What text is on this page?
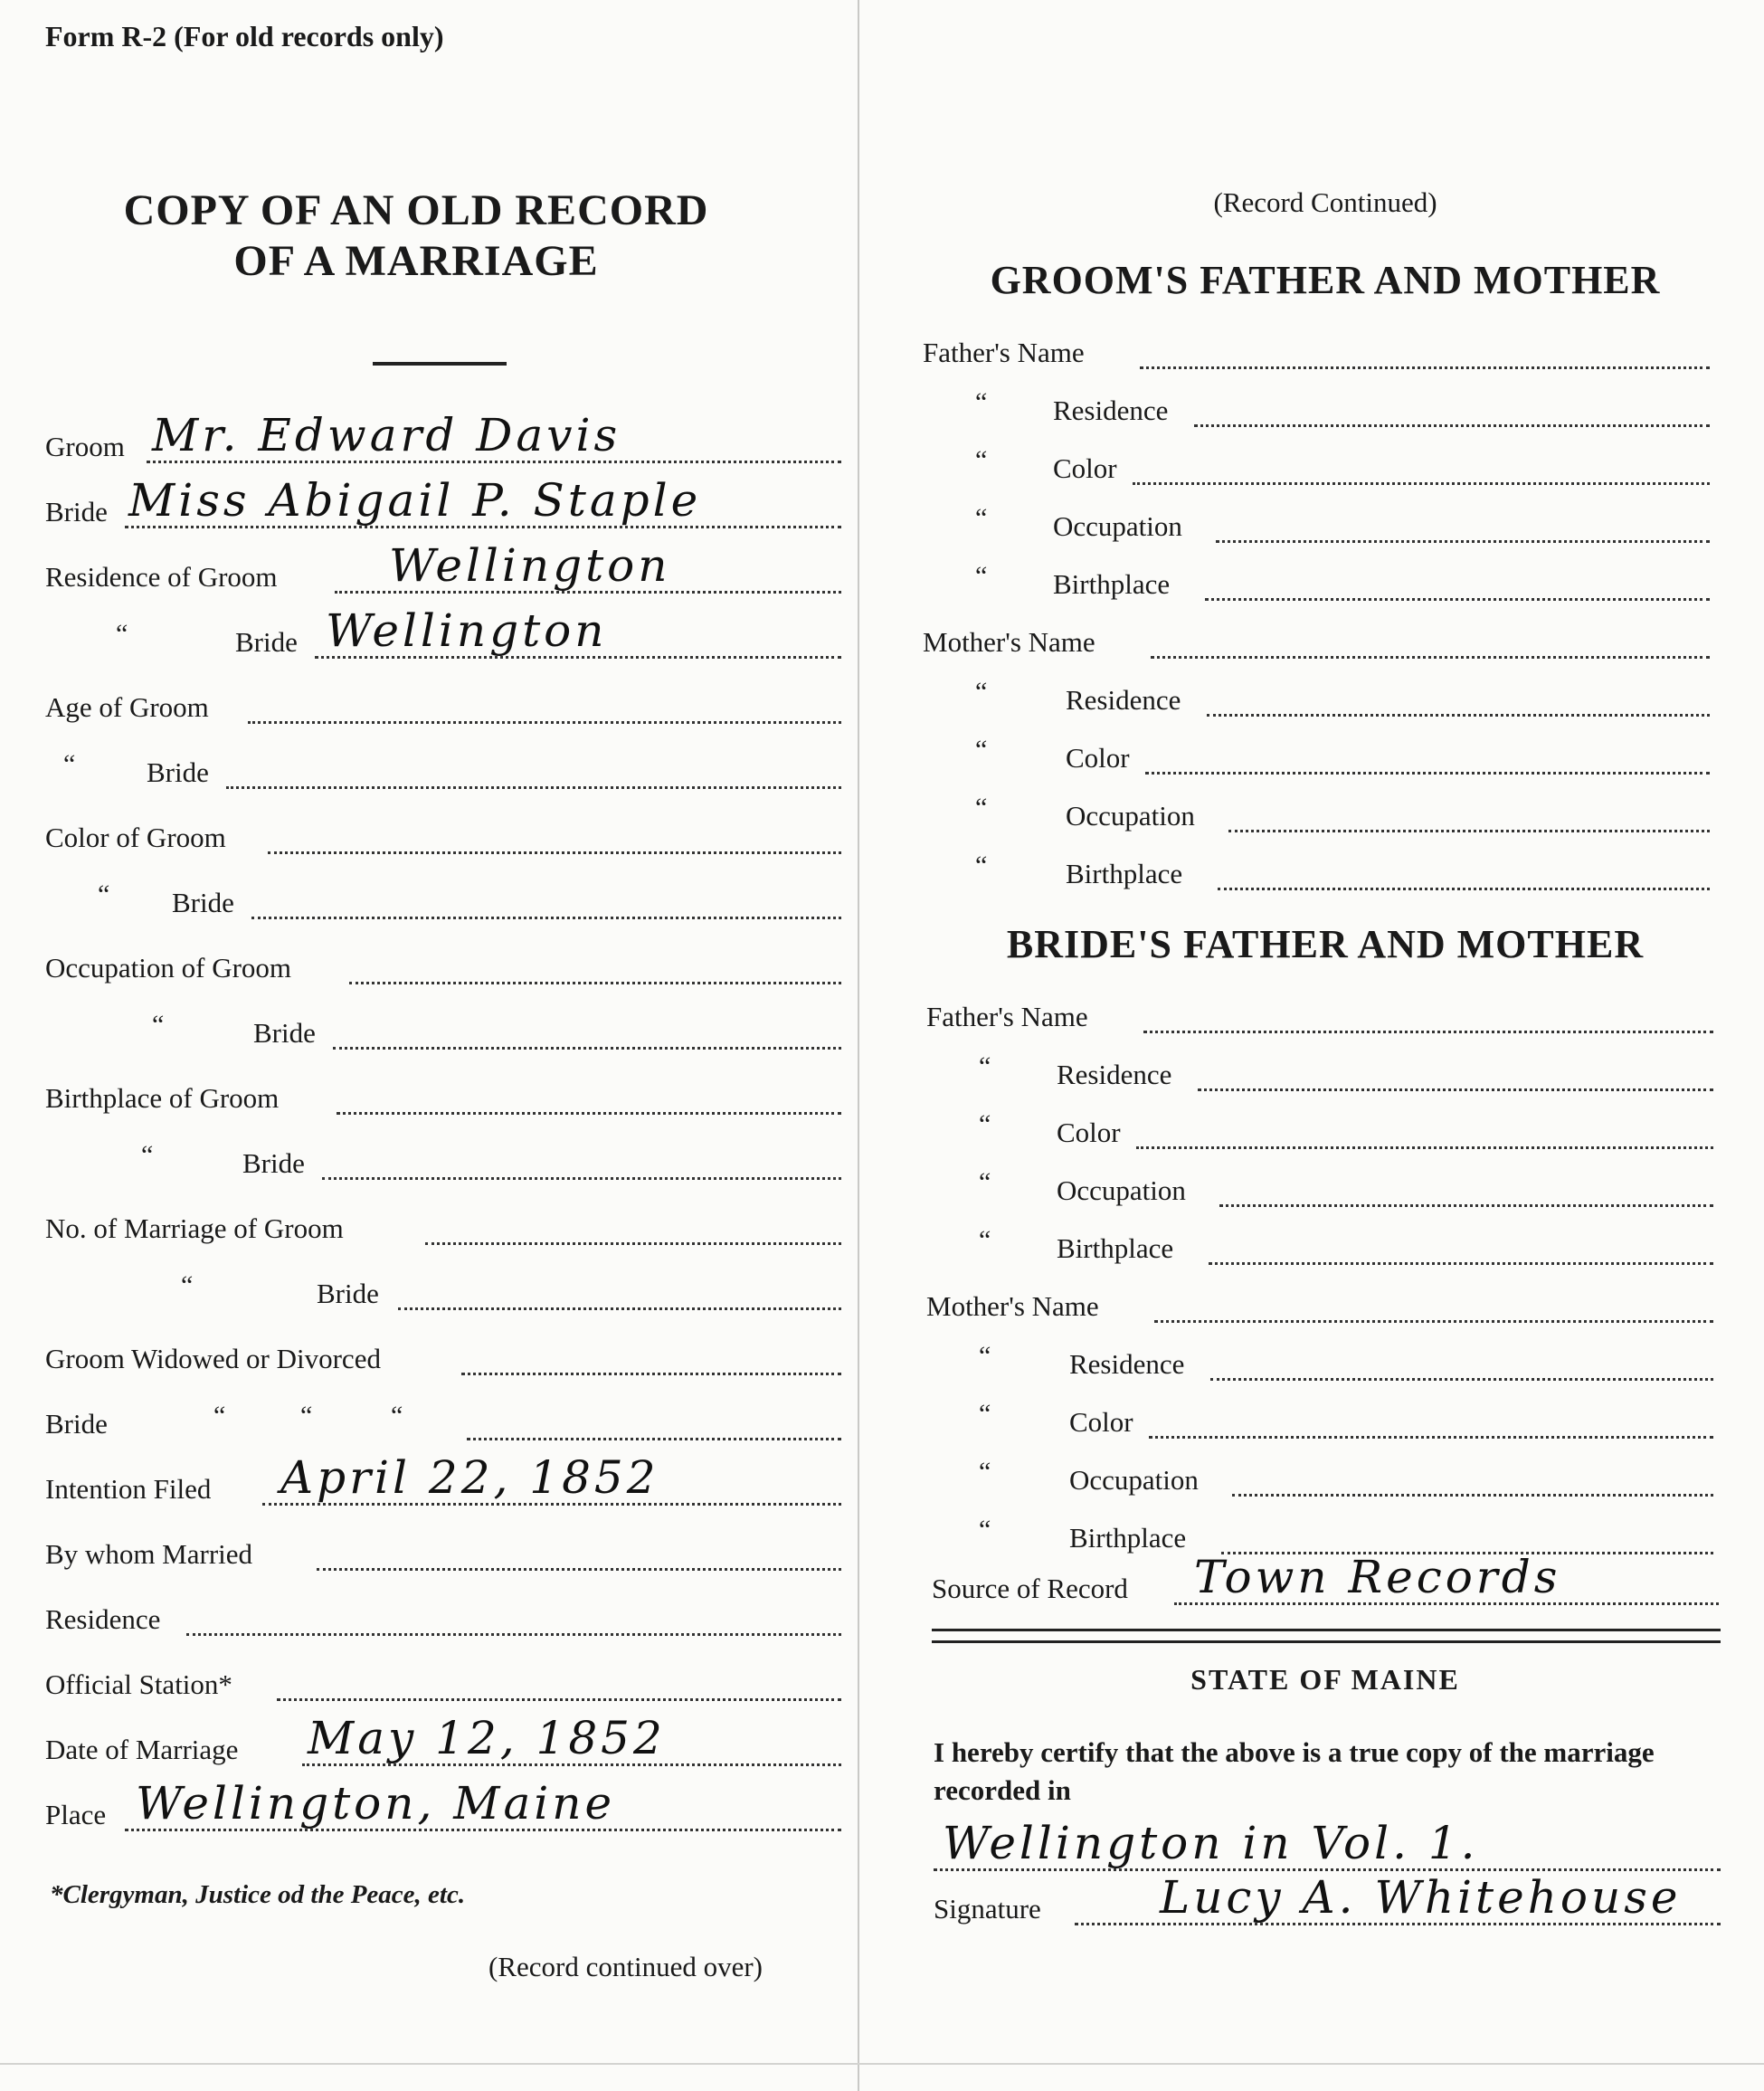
Form R-2 (For old records only)
COPY OF AN OLD RECORD
OF A MARRIAGE
Groom Mr. Edward Davis
Bride Miss Abigail P. Staple
Residence of Groom Wellington
“	Bride Wellington
Age of Groom
“	Bride
Color of Groom
“ Bride
Occupation of Groom
“	Bride
Birthplace of Groom
“	Bride
No. of Marriage of Groom
“	Bride
Groom Widowed or Divorced
Bride	“	“	“
Intention Filed April 22, 1852
By whom Married
Residence
Official Station*
Date of Marriage May 12, 1852
Place Wellington, Maine
*Clergyman, Justice od the Peace, etc.
(Record continued over)
(Record Continued)
GROOM'S FATHER AND MOTHER
Father's Name
“ Residence
“ Color
“ Occupation
“ Birthplace
Mother's Name
“	Residence
“	Color
“	Occupation
“	Birthplace
BRIDE'S FATHER AND MOTHER
Father's Name
“ Residence
“ Color
“ Occupation
“ Birthplace
Mother's Name
“	Residence
“	Color
“	Occupation
“	Birthplace
Source of Record Town Records
STATE OF MAINE
I hereby certify that the above is a true copy of the marriage recorded in
Wellington in Vol. 1.
Signature	Lucy A. Whitehouse
